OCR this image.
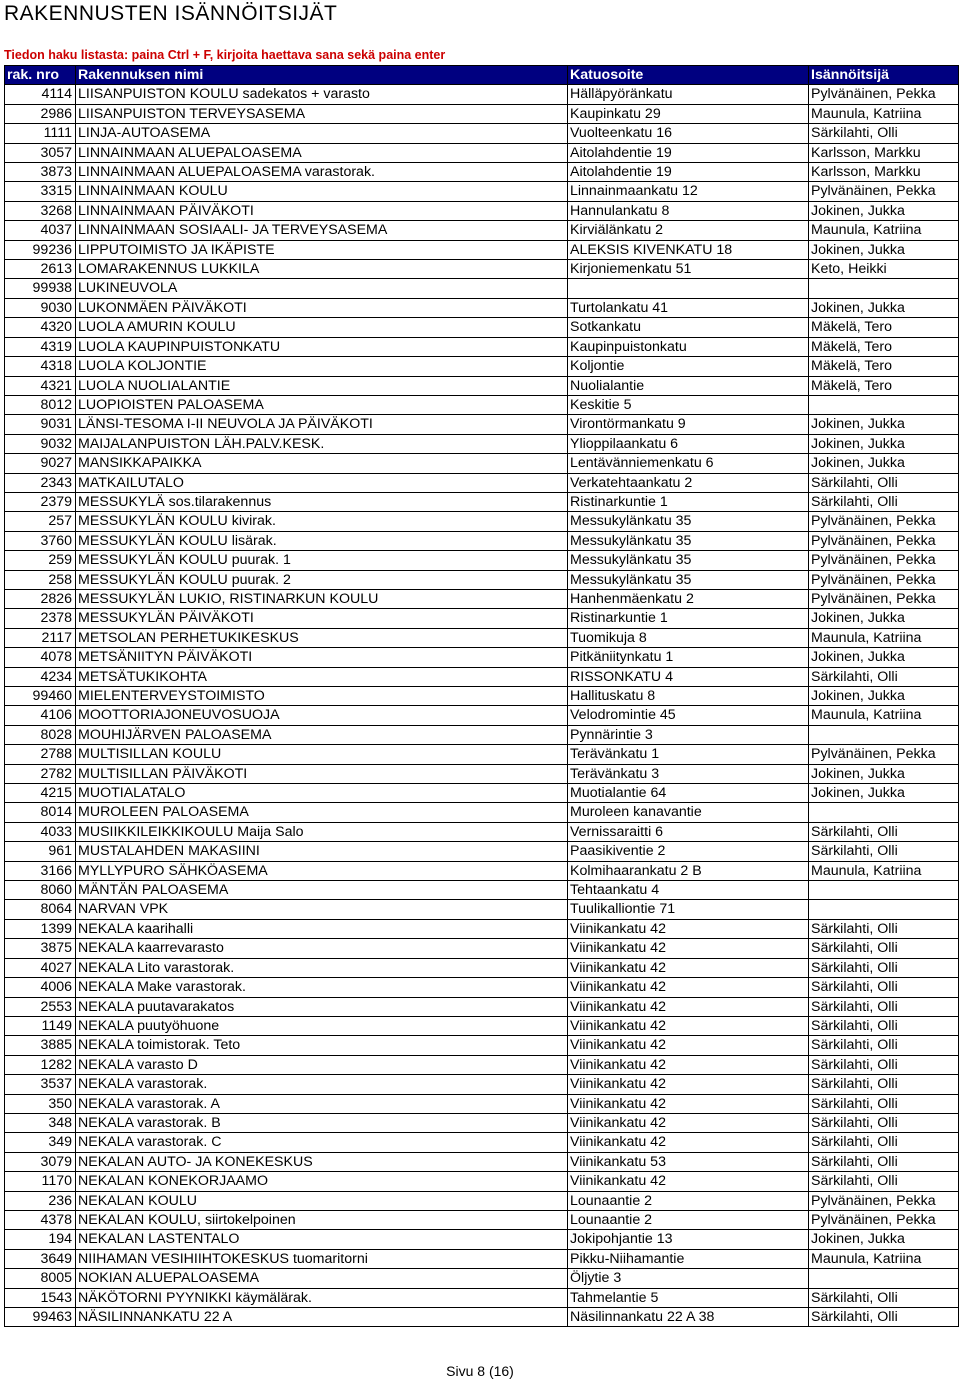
RAKENNUSTEN ISÄNNÖITSIJÄT
Tiedon haku listasta: paina Ctrl + F, kirjoita haettava sana sekä paina enter
rak. nro	Rakennuksen nimi	Katuosoite	Isännöitsijä
4114	LIISANPUISTON KOULU sadekatos + varasto	Hälläpyöränkatu	Pylvänäinen, Pekka
2986	LIISANPUISTON TERVEYSASEMA	Kaupinkatu 29	Maunula, Katriina
1111	LINJA-AUTOASEMA	Vuolteenkatu 16	Särkilahti, Olli
3057	LINNAINMAAN ALUEPALOASEMA	Aitolahdentie 19	Karlsson, Markku
3873	LINNAINMAAN ALUEPALOASEMA varastorak.	Aitolahdentie 19	Karlsson, Markku
3315	LINNAINMAAN KOULU	Linnainmaankatu 12	Pylvänäinen, Pekka
3268	LINNAINMAAN PÄIVÄKOTI	Hannulankatu 8	Jokinen, Jukka
4037	LINNAINMAAN SOSIAALI- JA TERVEYSASEMA	Kirviälänkatu 2	Maunula, Katriina
99236	LIPPUTOIMISTO JA IKÄPISTE	ALEKSIS KIVENKATU 18	Jokinen, Jukka
2613	LOMARAKENNUS LUKKILA	Kirjoniemenkatu 51	Keto, Heikki
99938	LUKINEUVOLA		
9030	LUKONMÄEN PÄIVÄKOTI	Turtolankatu 41	Jokinen, Jukka
4320	LUOLA AMURIN KOULU	Sotkankatu	Mäkelä, Tero
4319	LUOLA KAUPINPUISTONKATU	Kaupinpuistonkatu	Mäkelä, Tero
4318	LUOLA KOLJONTIE	Koljontie	Mäkelä, Tero
4321	LUOLA NUOLIALANTIE	Nuolialantie	Mäkelä, Tero
8012	LUOPIOISTEN PALOASEMA	Keskitie 5	
9031	LÄNSI-TESOMA I-II NEUVOLA JA PÄIVÄKOTI	Virontörmankatu 9	Jokinen, Jukka
9032	MAIJALANPUISTON LÄH.PALV.KESK.	Ylioppilaankatu 6	Jokinen, Jukka
9027	MANSIKKAPAIKKA	Lentävänniemenkatu 6	Jokinen, Jukka
2343	MATKAILUTALO	Verkatehtaankatu 2	Särkilahti, Olli
2379	MESSUKYLÄ sos.tilarakennus	Ristinarkuntie 1	Särkilahti, Olli
257	MESSUKYLÄN KOULU kivirak.	Messukylänkatu 35	Pylvänäinen, Pekka
3760	MESSUKYLÄN KOULU lisärak.	Messukylänkatu 35	Pylvänäinen, Pekka
259	MESSUKYLÄN KOULU puurak. 1	Messukylänkatu 35	Pylvänäinen, Pekka
258	MESSUKYLÄN KOULU puurak. 2	Messukylänkatu 35	Pylvänäinen, Pekka
2826	MESSUKYLÄN LUKIO, RISTINARKUN KOULU	Hanhenmäenkatu 2	Pylvänäinen, Pekka
2378	MESSUKYLÄN PÄIVÄKOTI	Ristinarkuntie 1	Jokinen, Jukka
2117	METSOLAN PERHETUKIKESKUS	Tuomikuja 8	Maunula, Katriina
4078	METSÄNIITYN PÄIVÄKOTI	Pitkäniitynkatu 1	Jokinen, Jukka
4234	METSÄTUKIKOHTA	RISSONKATU 4	Särkilahti, Olli
99460	MIELENTERVEYSTOIMISTO	Hallituskatu 8	Jokinen, Jukka
4106	MOOTTORIAJONEUVOSUOJA	Velodromintie 45	Maunula, Katriina
8028	MOUHIJÄRVEN PALOASEMA	Pynnärintie 3	
2788	MULTISILLAN KOULU	Terävänkatu 1	Pylvänäinen, Pekka
2782	MULTISILLAN PÄIVÄKOTI	Terävänkatu 3	Jokinen, Jukka
4215	MUOTIALATALO	Muotialantie 64	Jokinen, Jukka
8014	MUROLEEN PALOASEMA	Muroleen kanavantie	
4033	MUSIIKKILEIKKIKOULU Maija Salo	Vernissaraitti 6	Särkilahti, Olli
961	MUSTALAHDEN MAKASIINI	Paasikiventie 2	Särkilahti, Olli
3166	MYLLYPURO SÄHKÖASEMA	Kolmihaarankatu 2 B	Maunula, Katriina
8060	MÄNTÄN PALOASEMA	Tehtaankatu 4	
8064	NARVAN VPK	Tuulikalliontie 71	
1399	NEKALA kaarihalli	Viinikankatu 42	Särkilahti, Olli
3875	NEKALA kaarrevarasto	Viinikankatu 42	Särkilahti, Olli
4027	NEKALA Lito varastorak.	Viinikankatu 42	Särkilahti, Olli
4006	NEKALA Make varastorak.	Viinikankatu 42	Särkilahti, Olli
2553	NEKALA puutavarakatos	Viinikankatu 42	Särkilahti, Olli
1149	NEKALA puutyöhuone	Viinikankatu 42	Särkilahti, Olli
3885	NEKALA toimistorak. Teto	Viinikankatu 42	Särkilahti, Olli
1282	NEKALA varasto D	Viinikankatu 42	Särkilahti, Olli
3537	NEKALA varastorak.	Viinikankatu 42	Särkilahti, Olli
350	NEKALA varastorak. A	Viinikankatu 42	Särkilahti, Olli
348	NEKALA varastorak. B	Viinikankatu 42	Särkilahti, Olli
349	NEKALA varastorak. C	Viinikankatu 42	Särkilahti, Olli
3079	NEKALAN AUTO- JA KONEKESKUS	Viinikankatu 53	Särkilahti, Olli
1170	NEKALAN KONEKORJAAMO	Viinikankatu 42	Särkilahti, Olli
236	NEKALAN KOULU	Lounaantie 2	Pylvänäinen, Pekka
4378	NEKALAN KOULU, siirtokelpoinen	Lounaantie 2	Pylvänäinen, Pekka
194	NEKALAN LASTENTALO	Jokipohjantie 13	Jokinen, Jukka
3649	NIIHAMAN VESIHIIHTOKESKUS tuomaritorni	Pikku-Niihamantie	Maunula, Katriina
8005	NOKIAN ALUEPALOASEMA	Öljytie 3	
1543	NÄKÖTORNI PYYNIKKI käymälärak.	Tahmelantie 5	Särkilahti, Olli
99463	NÄSILINNANKATU 22 A	Näsilinnankatu 22 A 38	Särkilahti, Olli
Sivu 8 (16)
